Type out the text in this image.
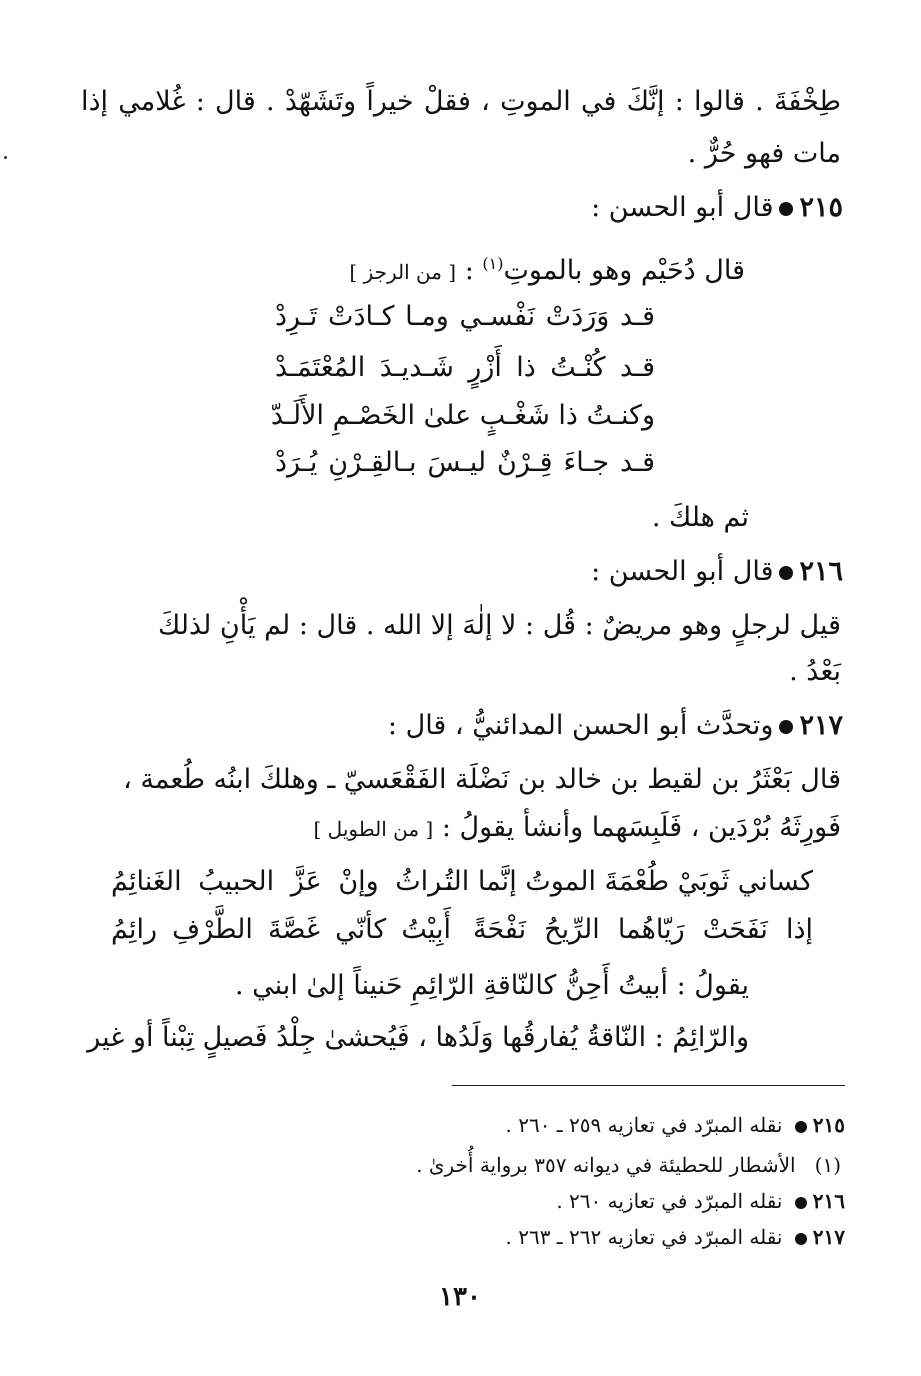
طِخْفَةَ . قالوا : إنَّكَ في الموتِ ، فقلْ خيراً وتَشَهّدْ . قال : غُلامي إذا
مات فهو حُرٌّ .
٢١٥قال أبو الحسن :
قال دُحَيْم وهو بالموتِ$^{(١)}$ : [ من الرجز ]
قـد وَرَدَتْ نَفْسـي ومـا كـادَتْ تَـرِدْ
قـد كُنْـتُ ذا أَزْرٍ شَـديـدَ المُعْتَمَـدْ
وكنـتُ ذا شَغْـبٍ علىٰ الخَصْـمِ الأَلَـدّ
قـد جـاءَ قِـرْنٌ ليـسَ بـالقِـرْنِ يُـرَدْ
ثم هلكَ .
٢١٦قال أبو الحسن :
قيل لرجلٍ وهو مريضٌ : قُل : لا إلٰهَ إلا الله . قال : لم يَأْنِ لذلكَ
بَعْدُ .
٢١٧وتحدَّث أبو الحسن المدائنيُّ ، قال :
قال بَعْثَرُ بن لقيط بن خالد بن نَضْلَة الفَقْعَسيّ ـ وهلكَ ابنُه طُعمة ،
فَورِثَهُ بُرْدَين ، فَلَبِسَهما وأنشأ يقولُ : [ من الطويل ]
كساني ثَوبَيْ طُعْمَةَ الموتُ إنَّما التُـ
ـراثُ وإنْ عَزَّ الحبيبُ الغَنائِمُ
إذا نَفَحَتْ رَيّاهُما الرِّيحُ نَفْحَةً
أَبِيْتُ كأنّي غَصَّةَ الطَّرْفِ رائِمُ
يقولُ : أبيتُ أَحِنُّ كالنّاقةِ الرّائِمِ حَنيناً إلىٰ ابني .
والرّائِمُ : النّاقةُ يُفارقُها وَلَدُها ، فَيُحشىٰ جِلْدُ فَصيلٍ تِبْناً أو غير
٢١٥ نقله المبرّد في تعازيه ٢٥٩ ـ ٢٦٠ .
(١)   الأشطار للحطيئة في ديوانه ٣٥٧ برواية أُخرىٰ .
٢١٦ نقله المبرّد في تعازيه ٢٦٠ .
٢١٧ نقله المبرّد في تعازيه ٢٦٢ ـ ٢٦٣ .
١٣٠
